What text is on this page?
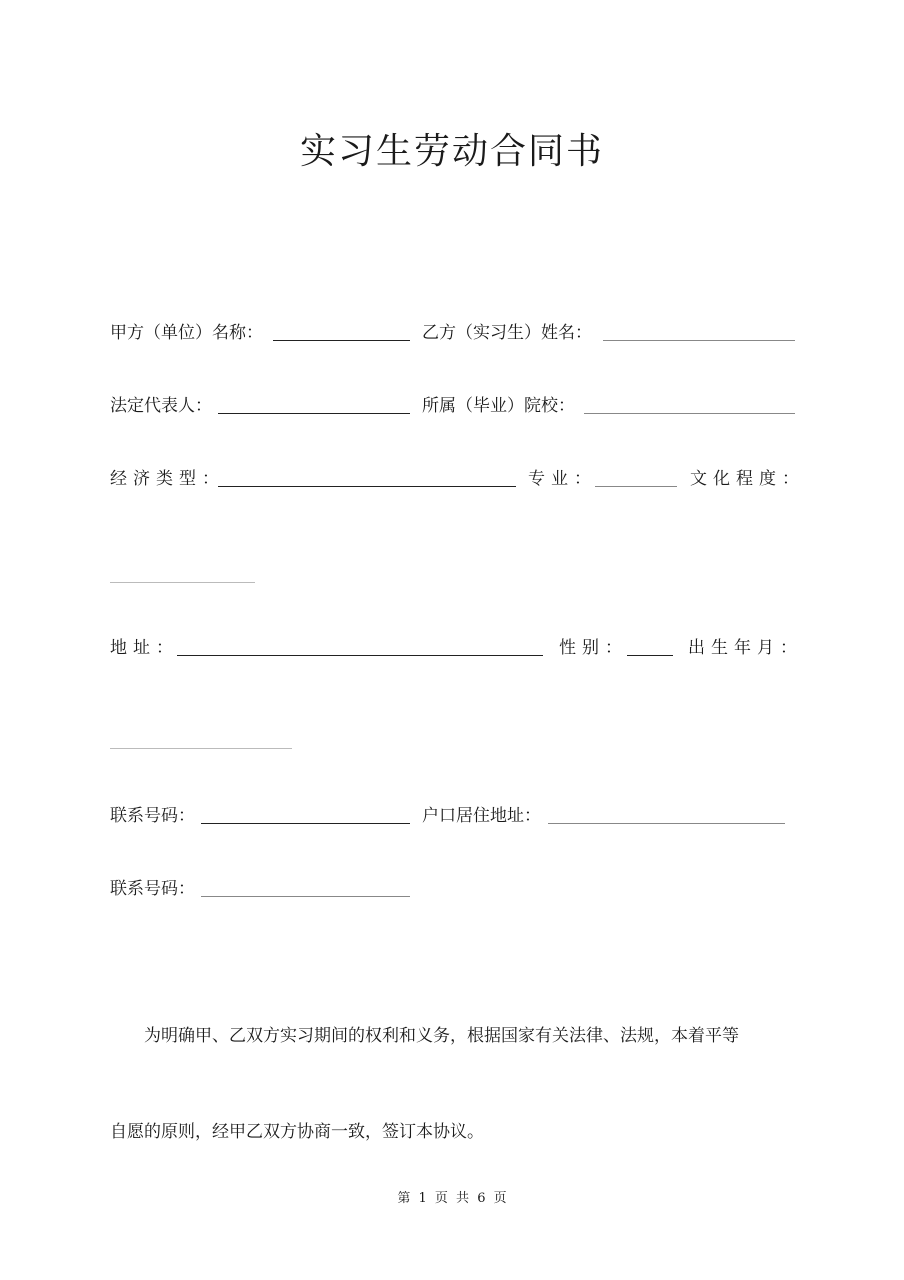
实习生劳动合同书
甲方（单位）名称：	乙方（实习生）姓名：
法定代表人：	所属（毕业）院校：
经济类型：	专业：	文化程度：
地址：	性别：	出生年月：
联系号码：	户口居住地址：
联系号码：
为明确甲、乙双方实习期间的权利和义务，根据国家有关法律、法规，本着平等
自愿的原则，经甲乙双方协商一致，签订本协议。
第 1 页 共 6 页
